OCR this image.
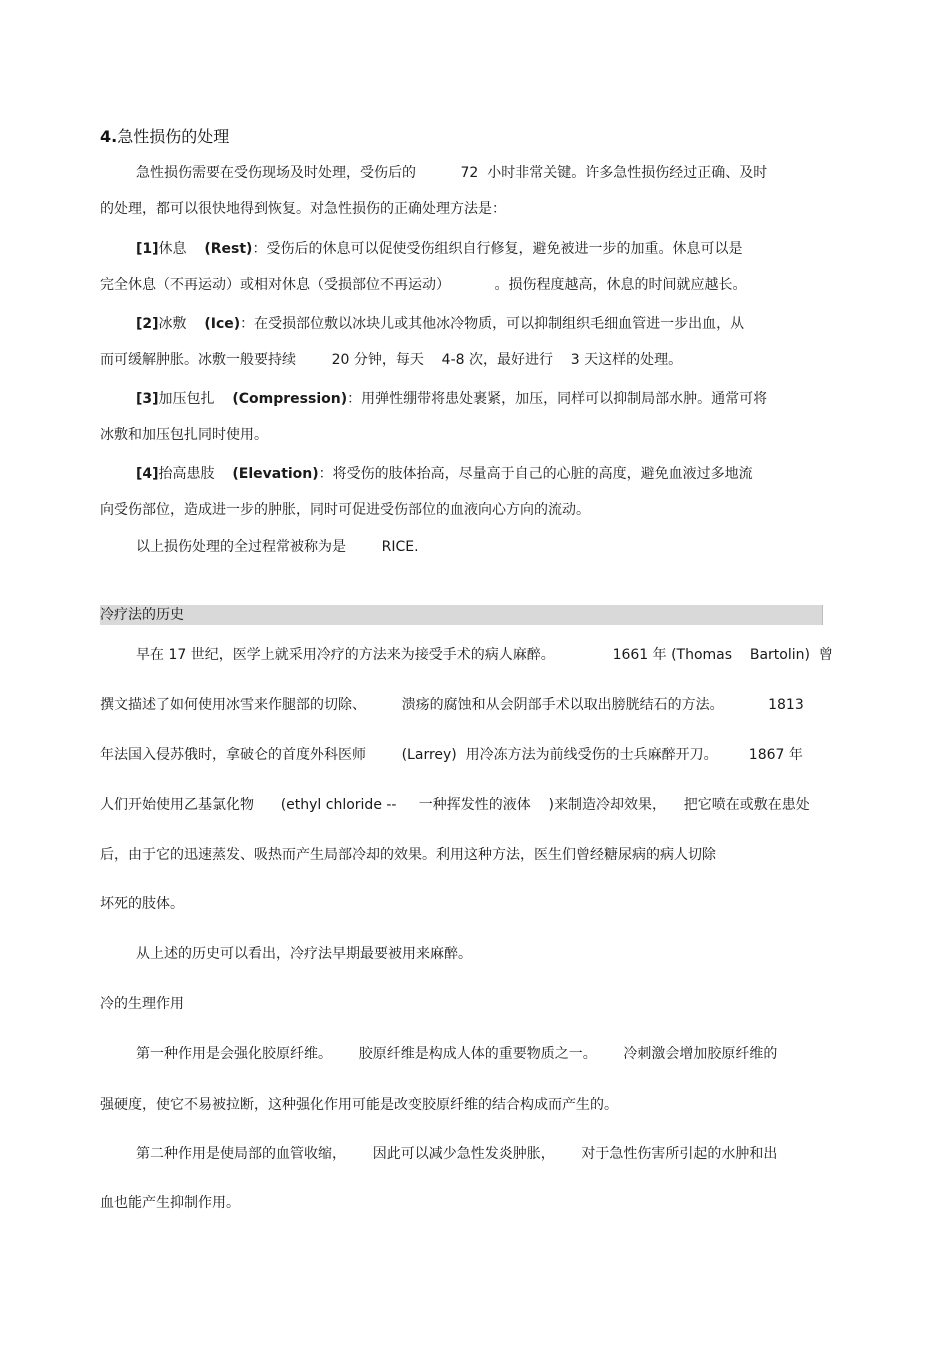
4.急性损伤的处理
急性损伤需要在受伤现场及时处理，受伤后的          72  小时非常关键。许多急性损伤经过正确、及时
的处理，都可以很快地得到恢复。对急性损伤的正确处理方法是：
[1]休息    (Rest)：受伤后的休息可以促使受伤组织自行修复，避免被进一步的加重。休息可以是
完全休息（不再运动）或相对休息（受损部位不再运动）          。损伤程度越高，休息的时间就应越长。
[2]冰敷    (Ice)：在受损部位敷以冰块儿或其他冰冷物质，可以抑制组织毛细血管进一步出血，从
而可缓解肿胀。冰敷一般要持续        20 分钟，每天    4-8 次，最好进行    3 天这样的处理。
[3]加压包扎    (Compression)：用弹性绷带将患处裹紧，加压，同样可以抑制局部水肿。通常可将
冰敷和加压包扎同时使用。
[4]抬高患肢    (Elevation)：将受伤的肢体抬高，尽量高于自己的心脏的高度，避免血液过多地流
向受伤部位，造成进一步的肿胀，同时可促进受伤部位的血液向心方向的流动。
以上损伤处理的全过程常被称为是        RICE.
冷疗法的历史
早在 17 世纪，医学上就采用冷疗的方法来为接受手术的病人麻醉。             1661 年 (Thomas    Bartolin)  曾
撰文描述了如何使用冰雪来作腿部的切除、        溃疡的腐蚀和从会阴部手术以取出膀胱结石的方法。          1813
年法国入侵苏俄时，拿破仑的首度外科医师        (Larrey)  用冷冻方法为前线受伤的士兵麻醉开刀。       1867 年
人们开始使用乙基氯化物      (ethyl chloride --     一种挥发性的液体    )来制造冷却效果，    把它喷在或敷在患处
后，由于它的迅速蒸发、吸热而产生局部冷却的效果。利用这种方法，医生们曾经糖尿病的病人切除
坏死的肢体。
从上述的历史可以看出，冷疗法早期最要被用来麻醉。
冷的生理作用
第一种作用是会强化胶原纤维。      胶原纤维是构成人体的重要物质之一。      冷刺激会增加胶原纤维的
强硬度，使它不易被拉断，这种强化作用可能是改变胶原纤维的结合构成而产生的。
第二种作用是使局部的血管收缩，      因此可以减少急性发炎肿胀，      对于急性伤害所引起的水肿和出
血也能产生抑制作用。
